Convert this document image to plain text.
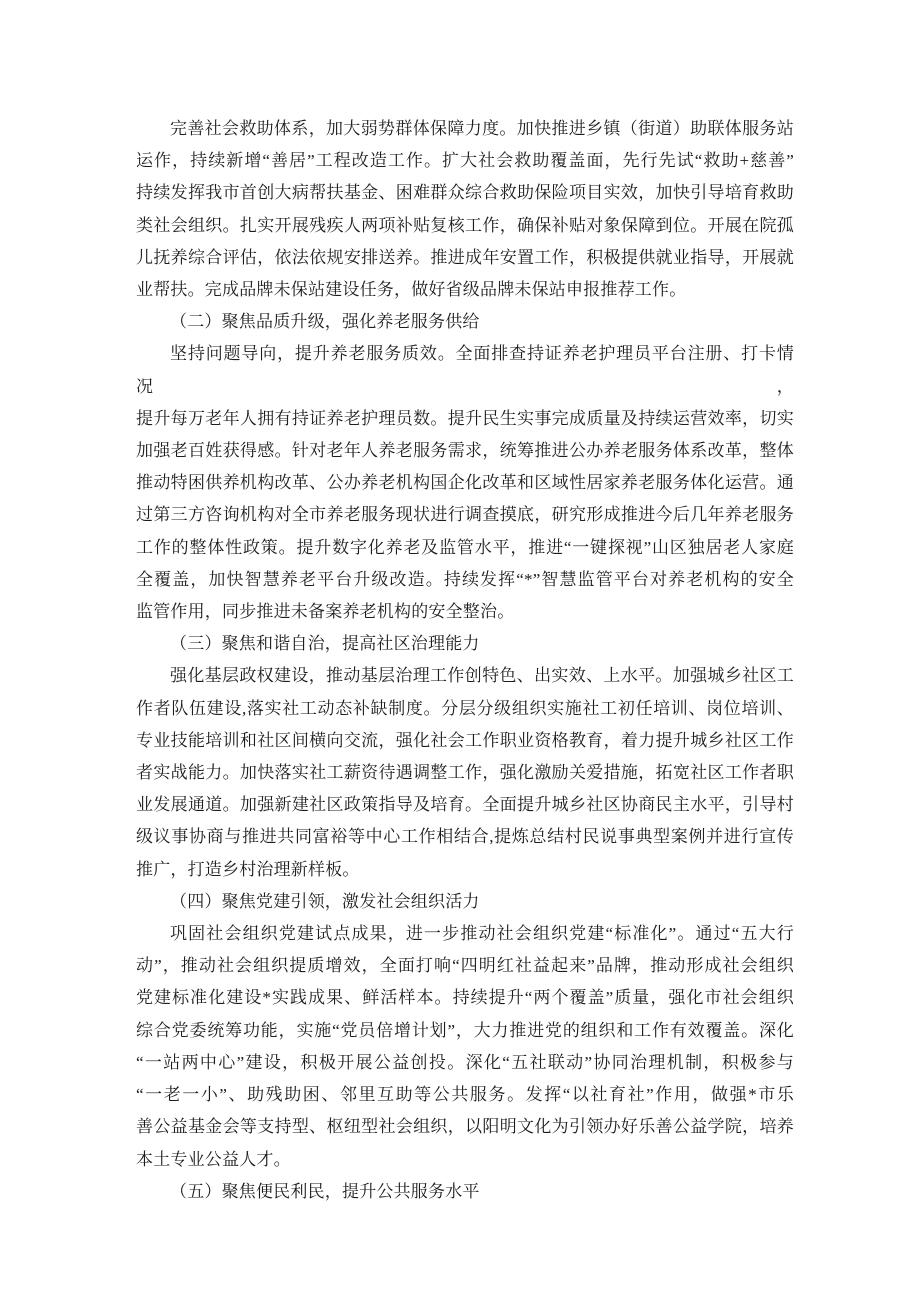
完善社会救助体系，加大弱势群体保障力度。加快推进乡镇（街道）助联体服务站
运作，持续新增“善居”工程改造工作。扩大社会救助覆盖面，先行先试“救助+慈善”
持续发挥我市首创大病帮扶基金、困难群众综合救助保险项目实效，加快引导培育救助
类社会组织。扎实开展残疾人两项补贴复核工作，确保补贴对象保障到位。开展在院孤
儿抚养综合评估，依法依规安排送养。推进成年安置工作，积极提供就业指导，开展就
业帮扶。完成品牌未保站建设任务，做好省级品牌未保站申报推荐工作。
（二）聚焦品质升级，强化养老服务供给
坚持问题导向，提升养老服务质效。全面排查持证养老护理员平台注册、打卡情况，
提升每万老年人拥有持证养老护理员数。提升民生实事完成质量及持续运营效率，切实
加强老百姓获得感。针对老年人养老服务需求，统筹推进公办养老服务体系改革，整体
推动特困供养机构改革、公办养老机构国企化改革和区域性居家养老服务体化运营。通
过第三方咨询机构对全市养老服务现状进行调查摸底，研究形成推进今后几年养老服务
工作的整体性政策。提升数字化养老及监管水平，推进“一键探视”山区独居老人家庭
全覆盖，加快智慧养老平台升级改造。持续发挥“*”智慧监管平台对养老机构的安全
监管作用，同步推进未备案养老机构的安全整治。
（三）聚焦和谐自治，提高社区治理能力
强化基层政权建设，推动基层治理工作创特色、出实效、上水平。加强城乡社区工
作者队伍建设,落实社工动态补缺制度。分层分级组织实施社工初任培训、岗位培训、
专业技能培训和社区间横向交流，强化社会工作职业资格教育，着力提升城乡社区工作
者实战能力。加快落实社工薪资待遇调整工作，强化激励关爱措施，拓宽社区工作者职
业发展通道。加强新建社区政策指导及培育。全面提升城乡社区协商民主水平，引导村
级议事协商与推进共同富裕等中心工作相结合,提炼总结村民说事典型案例并进行宣传
推广，打造乡村治理新样板。
（四）聚焦党建引领，激发社会组织活力
巩固社会组织党建试点成果，进一步推动社会组织党建“标准化”。通过“五大行
动”，推动社会组织提质增效，全面打响“四明红社益起来”品牌，推动形成社会组织
党建标准化建设*实践成果、鲜活样本。持续提升“两个覆盖”质量，强化市社会组织
综合党委统筹功能，实施“党员倍增计划”，大力推进党的组织和工作有效覆盖。深化
“一站两中心”建设，积极开展公益创投。深化“五社联动”协同治理机制，积极参与
“一老一小”、助残助困、邻里互助等公共服务。发挥“以社育社”作用，做强*市乐
善公益基金会等支持型、枢纽型社会组织，以阳明文化为引领办好乐善公益学院，培养
本土专业公益人才。
（五）聚焦便民利民，提升公共服务水平
